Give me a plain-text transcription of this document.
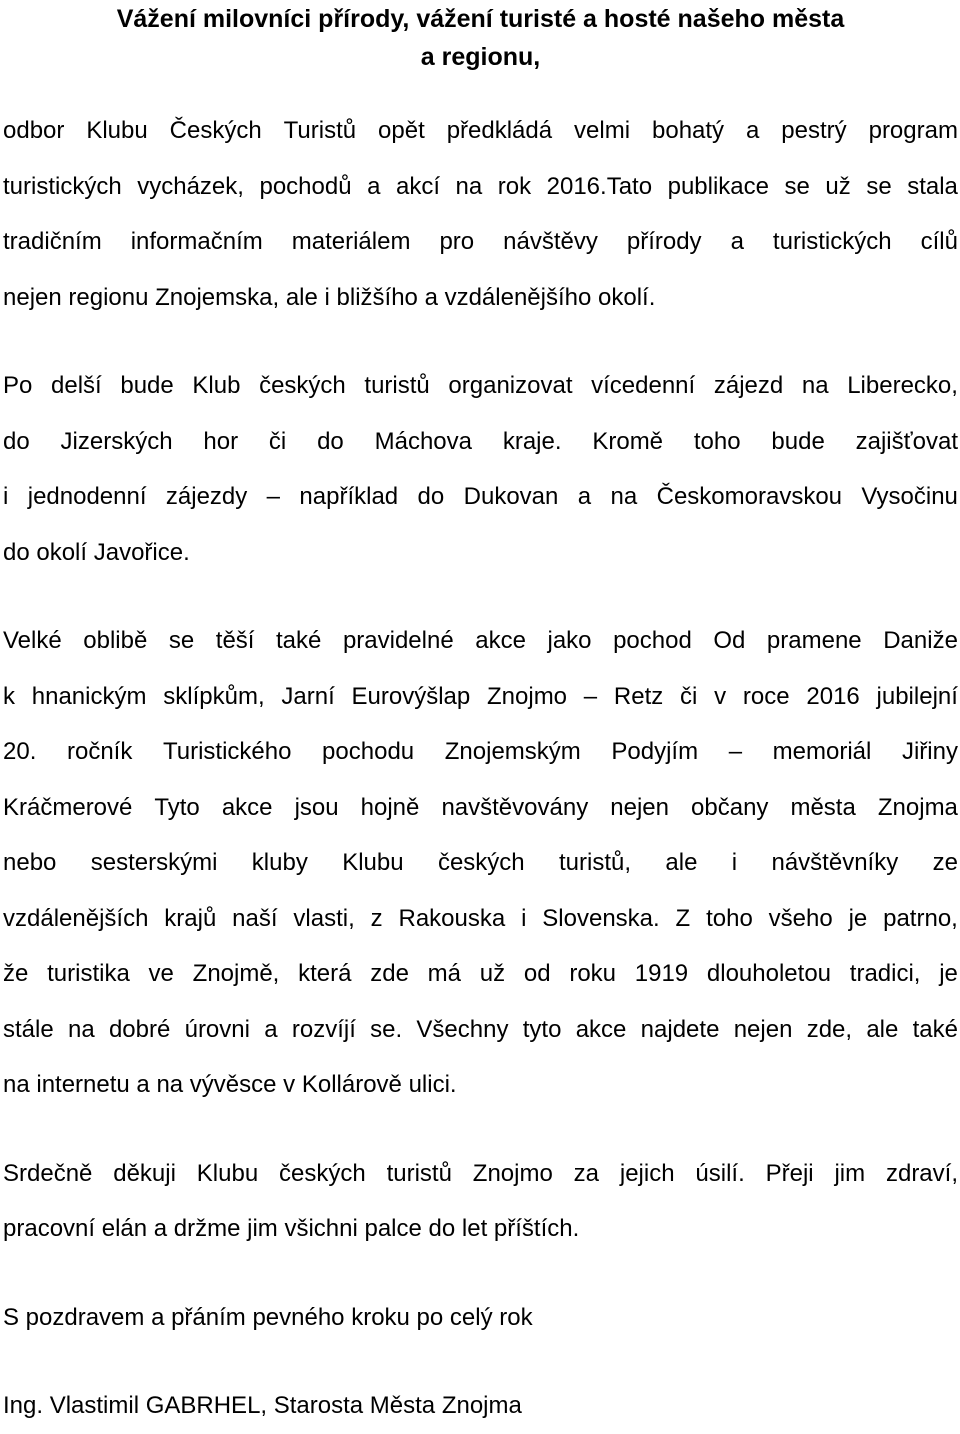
Vážení milovníci přírody, vážení turisté a hosté našeho města
a regionu,
odbor Klubu Českých Turistů opět předkládá velmi bohatý a pestrý program
turistických vycházek, pochodů a akcí na rok 2016.Tato publikace se už se stala
tradičním informačním materiálem pro návštěvy přírody a turistických cílů
nejen regionu Znojemska, ale i bližšího a vzdálenějšího okolí.
Po delší bude Klub českých turistů organizovat vícedenní zájezd na Liberecko,
do Jizerských hor či do Máchova kraje. Kromě toho bude zajišťovat
i jednodenní zájezdy – například do Dukovan a na Českomoravskou Vysočinu
do okolí Javořice.
Velké oblibě se těší také pravidelné akce jako pochod Od pramene Daniže
k hnanickým sklípkům, Jarní Eurovýšlap Znojmo – Retz či v roce 2016 jubilejní
20. ročník Turistického pochodu Znojemským Podyjím – memoriál Jiřiny
Kráčmerové Tyto akce jsou hojně navštěvovány nejen občany města Znojma
nebo sesterskými kluby Klubu českých turistů, ale i návštěvníky ze
vzdálenějších krajů naší vlasti, z Rakouska i Slovenska. Z toho všeho je patrno,
že turistika ve Znojmě, která zde má už od roku 1919 dlouholetou tradici, je
stále na dobré úrovni a rozvíjí se. Všechny tyto akce najdete nejen zde, ale také
na internetu a na vývěsce v Kollárově ulici.
Srdečně děkuji Klubu českých turistů Znojmo za jejich úsilí. Přeji jim zdraví,
pracovní elán a držme jim všichni palce do let příštích.
S pozdravem a přáním pevného kroku po celý rok
Ing. Vlastimil GABRHEL, Starosta Města Znojma
